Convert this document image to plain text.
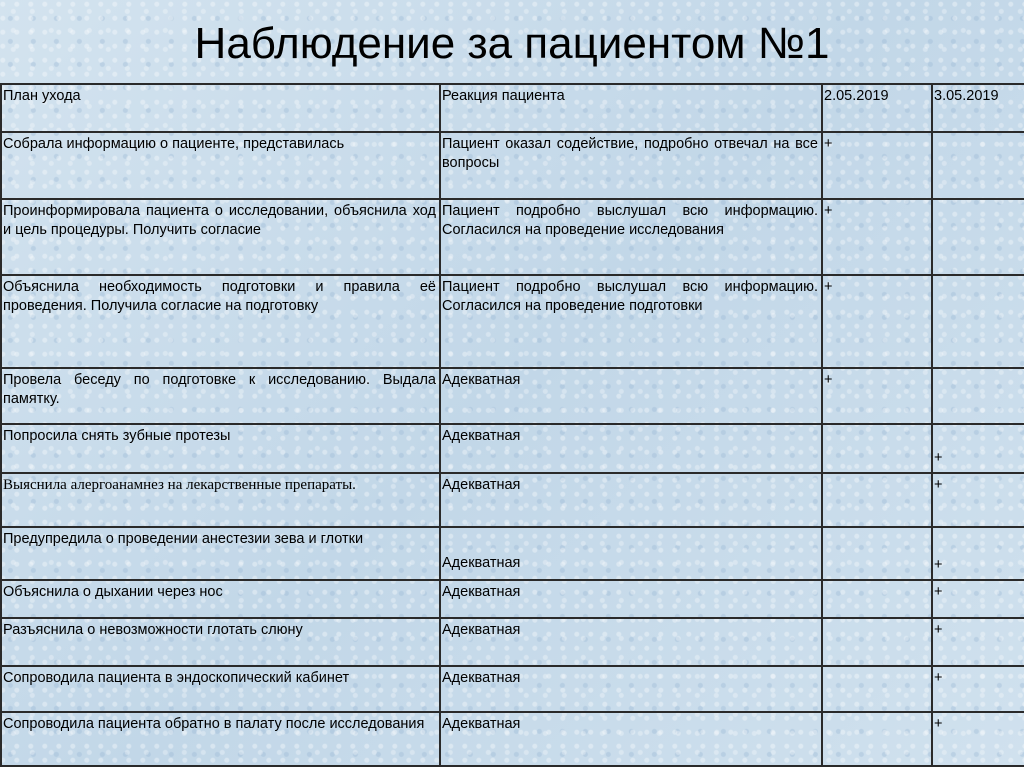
Наблюдение за пациентом №1
План ухода	Реакция пациента	2.05.2019	3.05.2019
Собрала информацию о пациенте, представилась	Пациент оказал содействие, подробно отвечал на все вопросы	+	
Проинформировала пациента о исследовании, объяснила ход и цель процедуры. Получить согласие	Пациент подробно выслушал всю информацию. Согласился на проведение исследования	+	
Объяснила необходимость подготовки и правила её проведения. Получила согласие на подготовку	Пациент подробно выслушал всю информацию. Согласился на проведение подготовки	+	
Провела беседу по подготовке к исследованию. Выдала памятку.	Адекватная	+	
Попросила снять зубные протезы	Адекватная		+
Выяснила алергоанамнез на лекарственные препараты.	Адекватная		+
Предупредила о проведении анестезии зева и глотки	Адекватная		+
Объяснила о дыхании через нос	Адекватная		+
Разъяснила о невозможности глотать слюну	Адекватная		+
Сопроводила пациента в эндоскопический кабинет	Адекватная		+
Сопроводила пациента обратно в палату после исследования	Адекватная		+
